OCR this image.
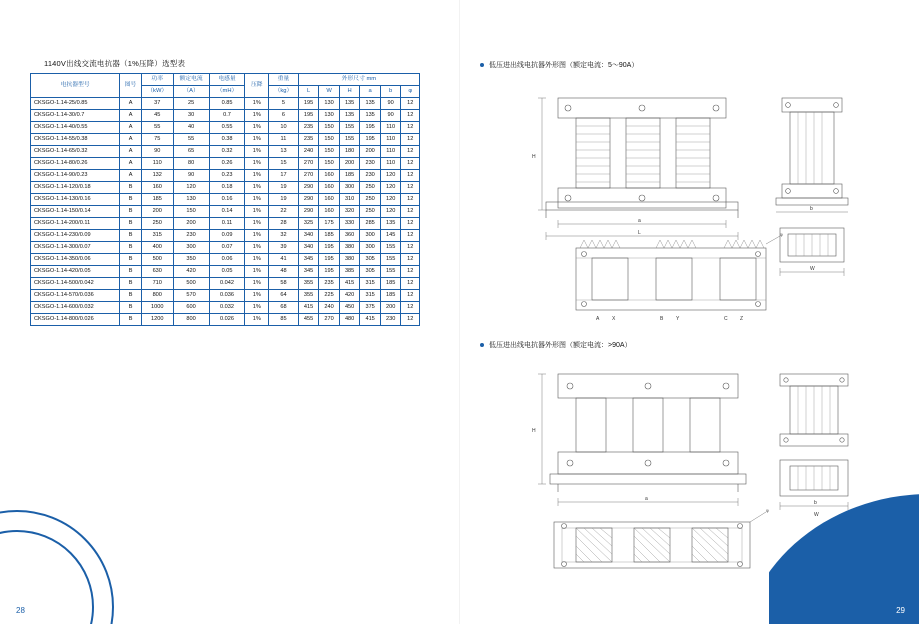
1140V出线交流电抗器（1%压降）选型表
电抗器型号	图号	功率	额定电流	电感量	压降	重量	外形尺寸 mm					
		（kW）	（A）	（mH）		（kg）	L	W	H	a	b	φ
CKSGO-1.14-25/0.85	A	37	25	0.85	1%	5	195	130	135	135	90	12
CKSGO-1.14-30/0.7	A	45	30	0.7	1%	6	195	130	135	135	90	12
CKSGO-1.14-40/0.55	A	55	40	0.55	1%	10	235	150	155	195	110	12
CKSGO-1.14-55/0.38	A	75	55	0.38	1%	11	235	150	155	195	110	12
CKSGO-1.14-65/0.32	A	90	65	0.32	1%	13	240	150	180	200	110	12
CKSGO-1.14-80/0.26	A	110	80	0.26	1%	15	270	150	200	230	110	12
CKSGO-1.14-90/0.23	A	132	90	0.23	1%	17	270	160	185	230	120	12
CKSGO-1.14-120/0.18	B	160	120	0.18	1%	19	290	160	300	250	120	12
CKSGO-1.14-130/0.16	B	185	130	0.16	1%	19	290	160	310	250	120	12
CKSGO-1.14-150/0.14	B	200	150	0.14	1%	22	290	160	320	250	120	12
CKSGO-1.14-200/0.11	B	250	200	0.11	1%	28	325	175	330	285	135	12
CKSGO-1.14-230/0.09	B	315	230	0.09	1%	32	340	185	360	300	145	12
CKSGO-1.14-300/0.07	B	400	300	0.07	1%	39	340	195	380	300	155	12
CKSGO-1.14-350/0.06	B	500	350	0.06	1%	41	345	195	380	305	155	12
CKSGO-1.14-420/0.05	B	630	420	0.05	1%	48	345	195	385	305	155	12
CKSGO-1.14-500/0.042	B	710	500	0.042	1%	58	355	235	415	315	185	12
CKSGO-1.14-570/0.036	B	800	570	0.036	1%	64	355	225	420	315	185	12
CKSGO-1.14-600/0.032	B	1000	600	0.032	1%	68	415	240	450	375	200	12
CKSGO-1.14-800/0.026	B	1200	800	0.026	1%	85	455	270	480	415	230	12
低压进出线电抗器外形图（额定电流：5～90A）
H
a
L
W
b
φ
A	X	B	Y	C Z
低压进出线电抗器外形图（额定电流：>90A）
H
a
W
b
φ
28	29
